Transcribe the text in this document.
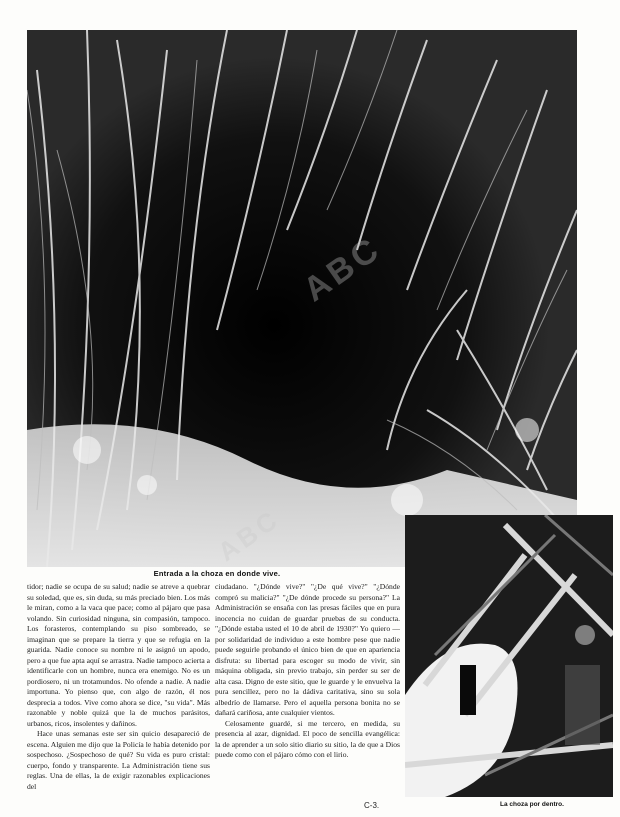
ABC
ABC
Entrada a la choza en donde vive.

tidor; nadie se ocupa de su salud; nadie se atreve a quebrar su soledad, que es, sin duda, su más preciado bien. Los más le miran, como a la vaca que pace; como al pájaro que pasa volando. Sin curiosidad ninguna, sin compasión, tampoco. Los forasteros, contemplando su piso sombreado, se imaginan que se prepare la tierra y que se refugia en la guarida. Nadie conoce su nombre ni le asignó un apodo, pero a que fue apta aquí se arrastra. Nadie tampoco acierta a identificarle con un hombre, nunca era enemigo. No es un pordiosero, ni un trotamundos. No ofende a nadie. A nadie importuna. Yo pienso que, con algo de razón, él nos desprecia a todos. Vive como ahora se dice, "su vida". Más razonable y noble quizá que la de muchos parásitos, urbanos, ricos, insolentes y dañinos.

Hace unas semanas este ser sin quicio desapareció de escena. Alguien me dijo que la Policía le había detenido por sospechoso. ¿Sospechoso de qué? Su vida es puro cristal: cuerpo, fondo y transparente. La Administración tiene sus reglas. Una de ellas, la de exigir razonables explicaciones del

ciudadano. "¿Dónde vive?" "¿De qué vive?" "¿Dónde compró su malicia?" "¿De dónde procede su persona?" La Administración se ensaña con las presas fáciles que en pura inocencia no cuidan de guardar pruebas de su conducta. "¿Dónde estaba usted el 10 de abril de 1930?" Yo quiero —por solidaridad de individuo a este hombre pese que nadie puede seguirle probando el único bien de que en apariencia disfruta: su libertad para escoger su modo de vivir, sin máquina obligada, sin previo trabajo, sin perder su ser de alta casa. Digno de este sitio, que le guarde y le envuelva la pura sencillez, pero no la dádiva caritativa, sino su sola albedrío de llamarse. Pero el aquella persona bonita no se dañará cariñosa, ante cualquier vientos.

Celosamente guardé, si me tercero, en medida, su presencia al azar, dignidad. El poco de sencilla evangélica: la de aprender a un solo sitio diario su sitio, la de que a Dios puede como con el pájaro cómo con el lirio.

La choza por dentro.
C-3.
